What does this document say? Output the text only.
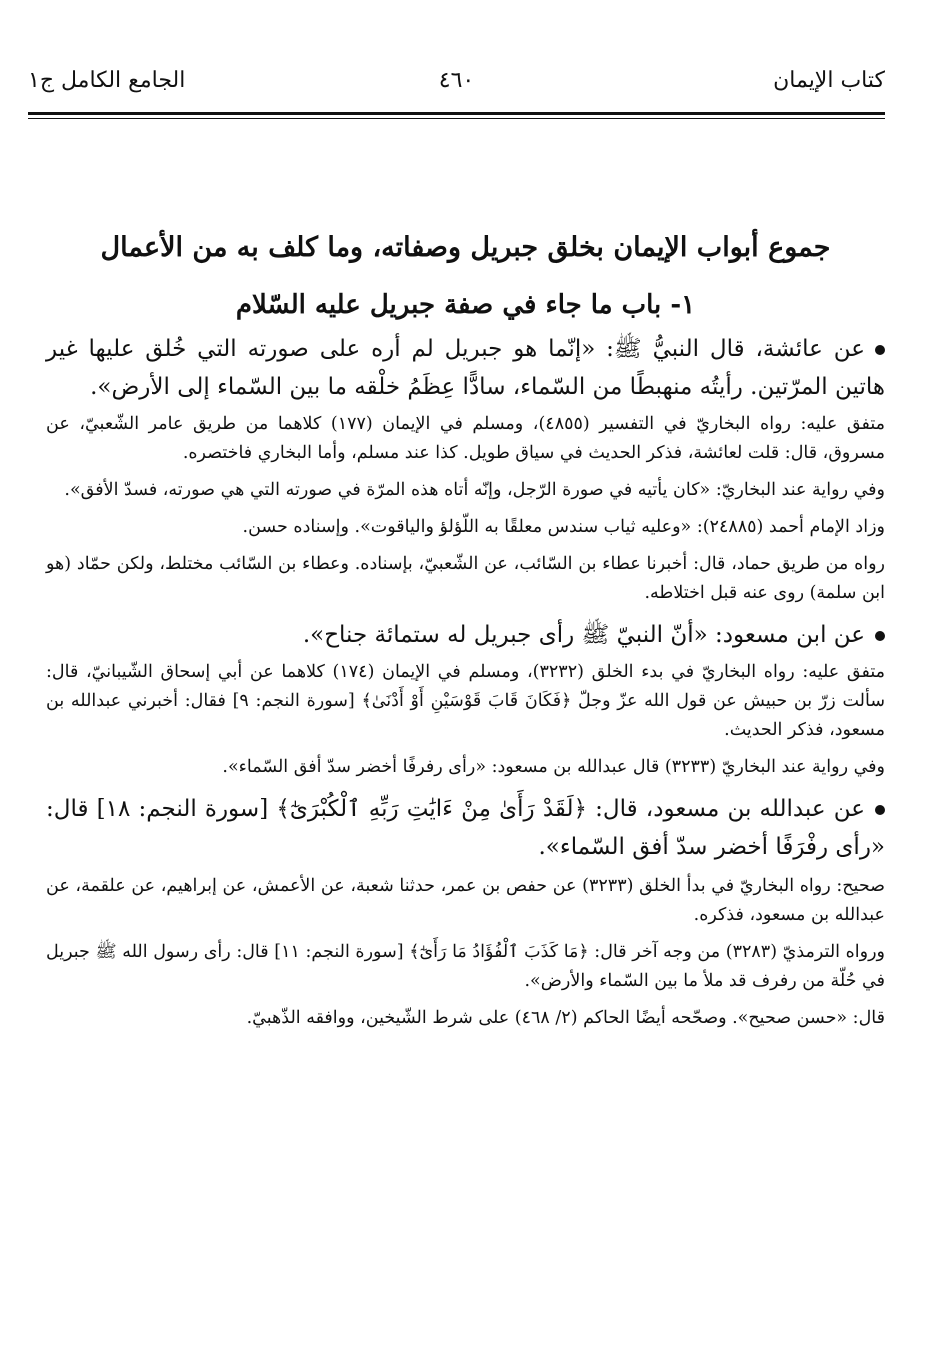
كتاب الإيمان
٤٦٠
الجامع الكامل ج١
جموع أبواب الإيمان بخلق جبريل وصفاته، وما كلف به من الأعمال
١- باب ما جاء في صفة جبريل عليه السّلام

عن عائشة، قال النبيُّ ﷺ: «إنّما هو جبريل لم أره على صورته التي خُلق عليها غير هاتين المرّتين. رأيتُه منهبطًا من السّماء، سادًّا عِظَمُ خلْقه ما بين السّماء إلى الأرض».

متفق عليه: رواه البخاريّ في التفسير (٤٨٥٥)، ومسلم في الإيمان (١٧٧) كلاهما من طريق عامر الشّعبيّ، عن مسروق، قال: قلت لعائشة، فذكر الحديث في سياق طويل. كذا عند مسلم، وأما البخاري فاختصره.

وفي رواية عند البخاريّ: «كان يأتيه في صورة الرّجل، وإنّه أتاه هذه المرّة في صورته التي هي صورته، فسدّ الأفق».

وزاد الإمام أحمد (٢٤٨٨٥): «وعليه ثياب سندس معلقًا به اللّؤلؤ والياقوت». وإسناده حسن.

رواه من طريق حماد، قال: أخبرنا عطاء بن السّائب، عن الشّعبيّ، بإسناده. وعطاء بن السّائب مختلط، ولكن حمّاد (هو ابن سلمة) روى عنه قبل اختلاطه.

عن ابن مسعود: «أنّ النبيّ ﷺ رأى جبريل له ستمائة جناح».

متفق عليه: رواه البخاريّ في بدء الخلق (٣٢٣٢)، ومسلم في الإيمان (١٧٤) كلاهما عن أبي إسحاق الشّيبانيّ، قال: سألت زرّ بن حبيش عن قول الله عزّ وجلّ ﴿فَكَانَ قَابَ قَوْسَيْنِ أَوْ أَدْنَىٰ﴾ [سورة النجم: ٩] فقال: أخبرني عبدالله بن مسعود، فذكر الحديث.

وفي رواية عند البخاريّ (٣٢٣٣) قال عبدالله بن مسعود: «رأى رفرفًا أخضر سدّ أفق السّماء».

عن عبدالله بن مسعود، قال: ﴿لَقَدْ رَأَىٰ مِنْ ءَايَٰتِ رَبِّهِ ٱلْكُبْرَىٰٓ﴾ [سورة النجم: ١٨] قال: «رأى رفْرَفًا أخضر سدّ أفق السّماء».

صحيح: رواه البخاريّ في بدأ الخلق (٣٢٣٣) عن حفص بن عمر، حدثنا شعبة، عن الأعمش، عن إبراهيم، عن علقمة، عن عبدالله بن مسعود، فذكره.

ورواه الترمذيّ (٣٢٨٣) من وجه آخر قال: ﴿مَا كَذَبَ ٱلْفُؤَادُ مَا رَأَىٰٓ﴾ [سورة النجم: ١١] قال: رأى رسول الله ﷺ جبريل في حُلّة من رفرف قد ملأ ما بين السّماء والأرض».

قال: «حسن صحيح». وصحّحه أيضًا الحاكم (٢/ ٤٦٨) على شرط الشّيخين، ووافقه الذّهبيّ.
